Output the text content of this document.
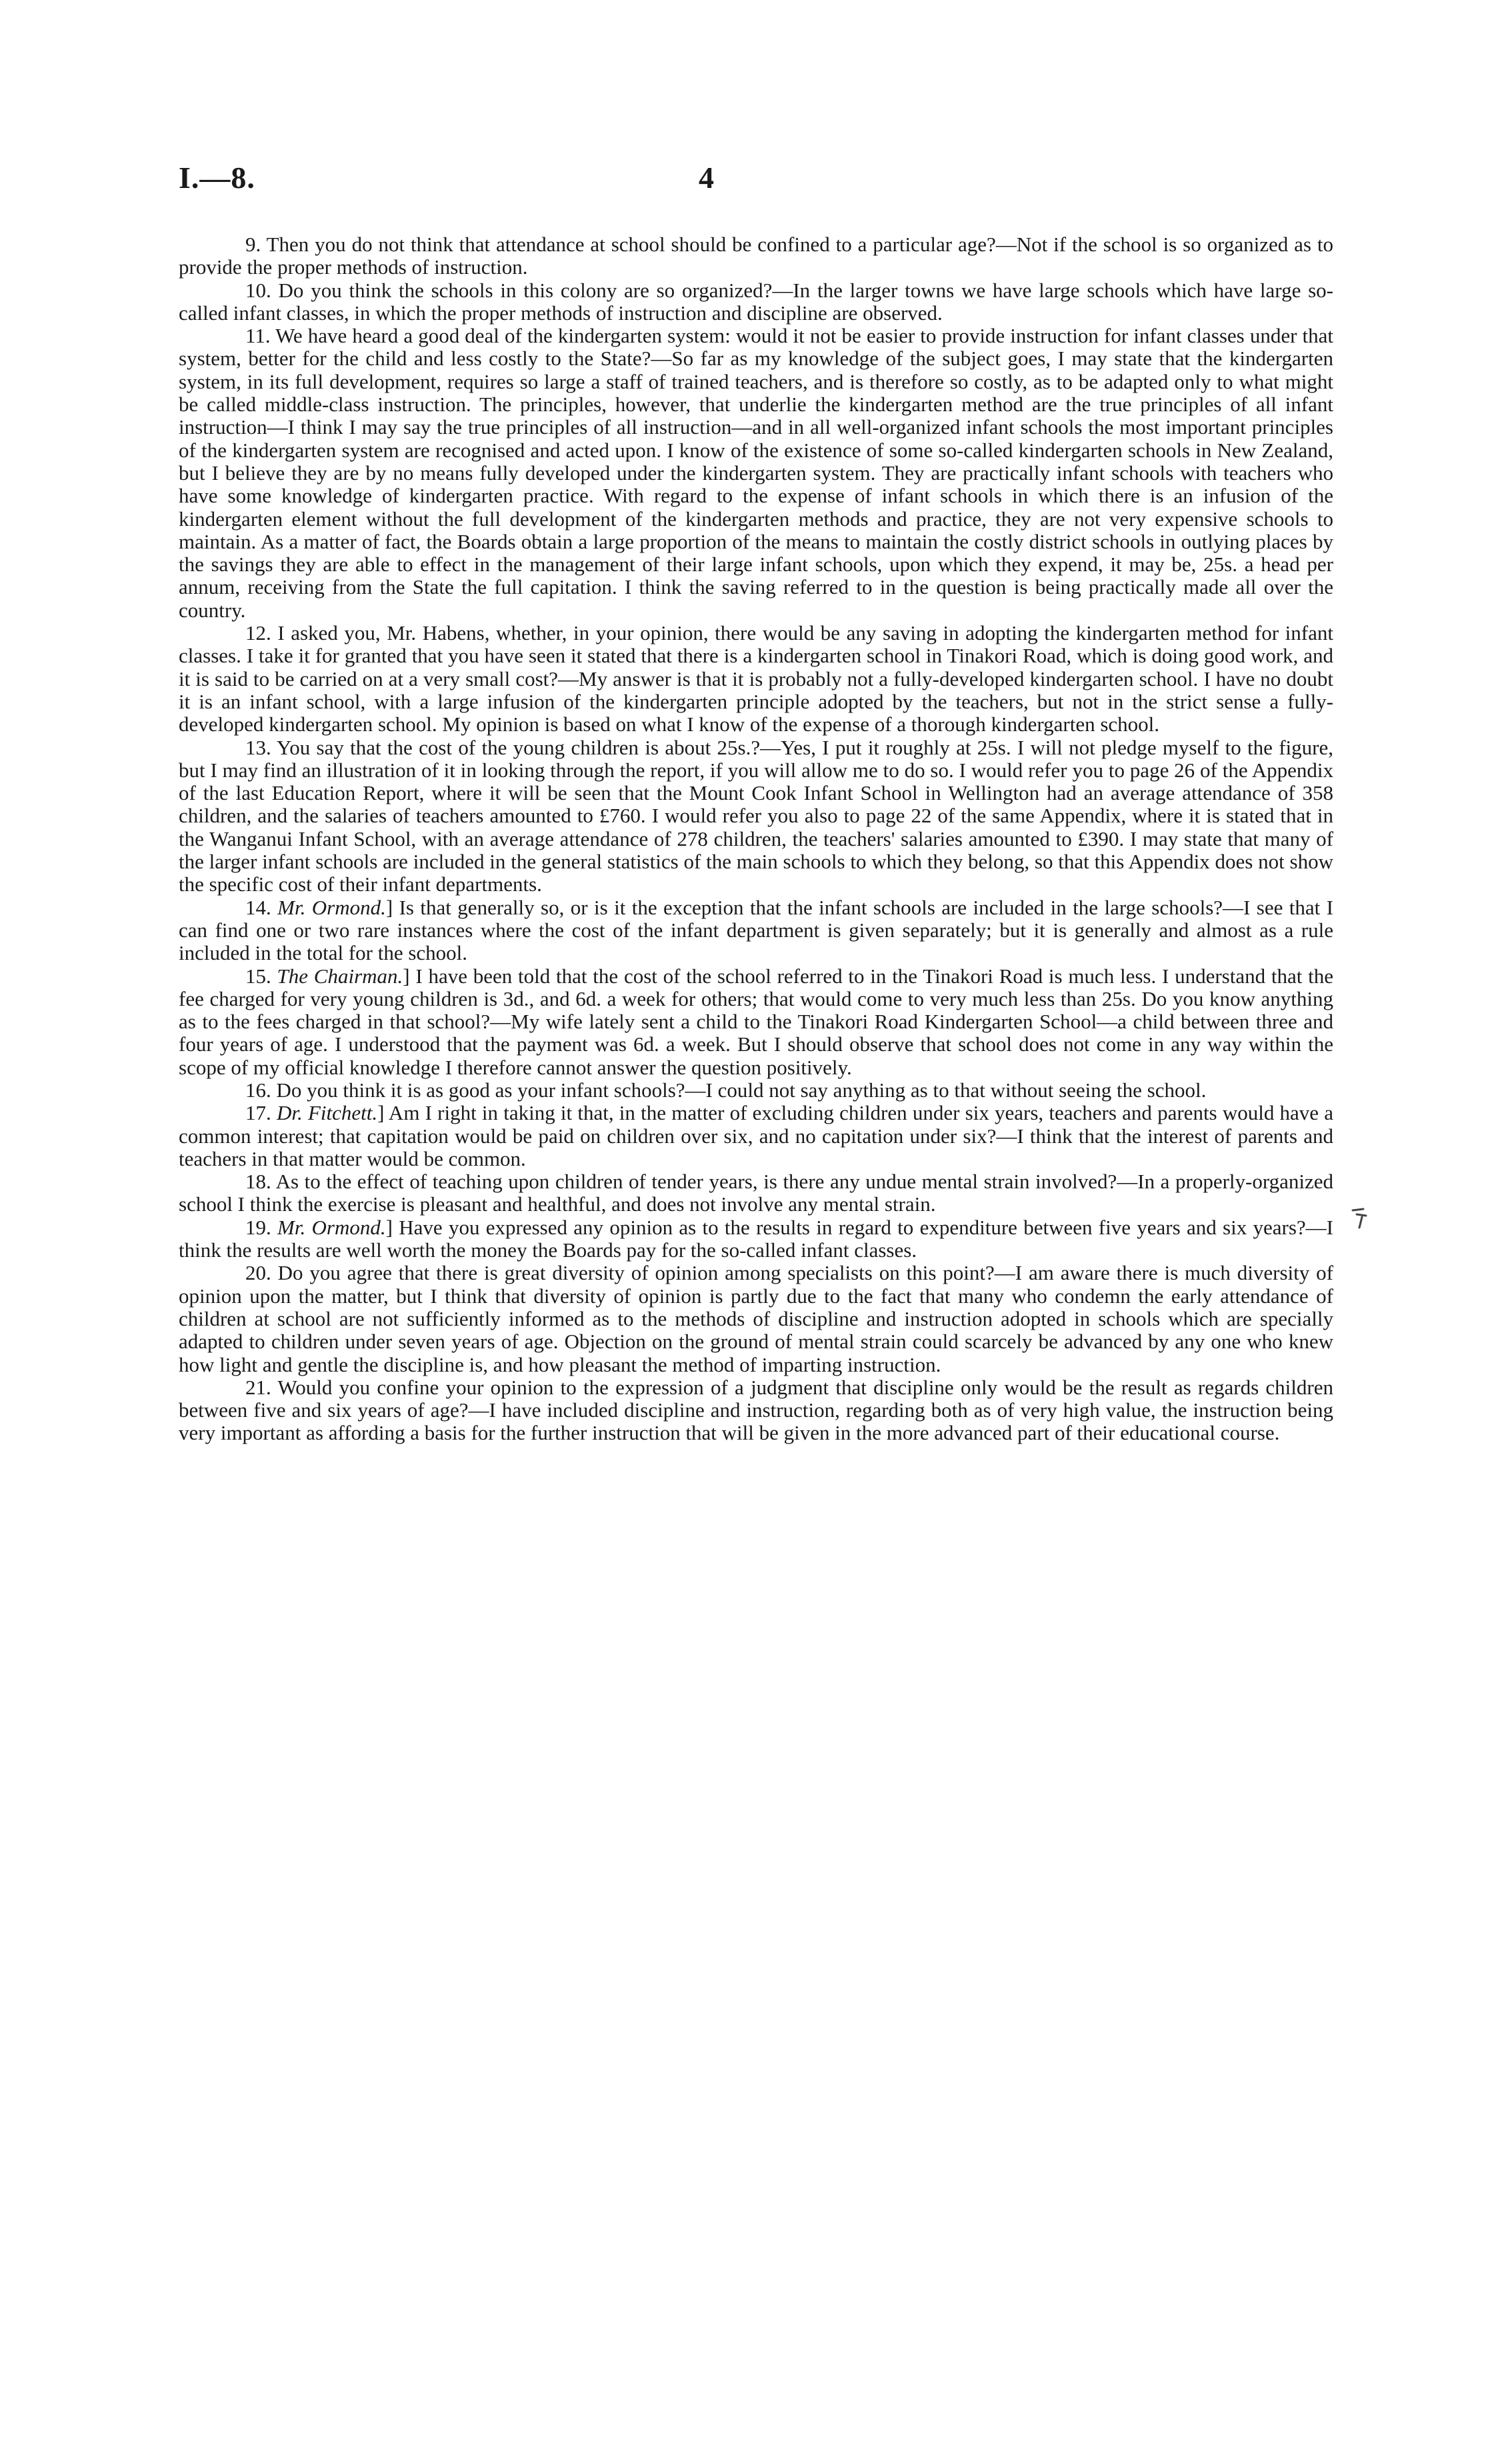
I.—8.	4

9. Then you do not think that attendance at school should be confined to a particular age?—Not if the school is so organized as to provide the proper methods of instruction.

10. Do you think the schools in this colony are so organized?—In the larger towns we have large schools which have large so-called infant classes, in which the proper methods of instruction and discipline are observed.

11. We have heard a good deal of the kindergarten system: would it not be easier to provide instruction for infant classes under that system, better for the child and less costly to the State?—So far as my knowledge of the subject goes, I may state that the kindergarten system, in its full development, requires so large a staff of trained teachers, and is therefore so costly, as to be adapted only to what might be called middle-class instruction. The principles, however, that underlie the kindergarten method are the true principles of all infant instruction—I think I may say the true principles of all instruction—and in all well-organized infant schools the most important principles of the kindergarten system are recognised and acted upon. I know of the existence of some so-called kindergarten schools in New Zealand, but I believe they are by no means fully developed under the kindergarten system. They are practically infant schools with teachers who have some knowledge of kindergarten practice. With regard to the expense of infant schools in which there is an infusion of the kindergarten element without the full development of the kindergarten methods and practice, they are not very expensive schools to maintain. As a matter of fact, the Boards obtain a large proportion of the means to maintain the costly district schools in outlying places by the savings they are able to effect in the management of their large infant schools, upon which they expend, it may be, 25s. a head per annum, receiving from the State the full capitation. I think the saving referred to in the question is being practically made all over the country.

12. I asked you, Mr. Habens, whether, in your opinion, there would be any saving in adopting the kindergarten method for infant classes. I take it for granted that you have seen it stated that there is a kindergarten school in Tinakori Road, which is doing good work, and it is said to be carried on at a very small cost?—My answer is that it is probably not a fully-developed kindergarten school. I have no doubt it is an infant school, with a large infusion of the kindergarten principle adopted by the teachers, but not in the strict sense a fully-developed kindergarten school. My opinion is based on what I know of the expense of a thorough kindergarten school.

13. You say that the cost of the young children is about 25s.?—Yes, I put it roughly at 25s. I will not pledge myself to the figure, but I may find an illustration of it in looking through the report, if you will allow me to do so. I would refer you to page 26 of the Appendix of the last Education Report, where it will be seen that the Mount Cook Infant School in Wellington had an average attendance of 358 children, and the salaries of teachers amounted to £760. I would refer you also to page 22 of the same Appendix, where it is stated that in the Wanganui Infant School, with an average attendance of 278 children, the teachers' salaries amounted to £390. I may state that many of the larger infant schools are included in the general statistics of the main schools to which they belong, so that this Appendix does not show the specific cost of their infant departments.

14. Mr. Ormond.] Is that generally so, or is it the exception that the infant schools are included in the large schools?—I see that I can find one or two rare instances where the cost of the infant department is given separately; but it is generally and almost as a rule included in the total for the school.

15. The Chairman.] I have been told that the cost of the school referred to in the Tinakori Road is much less. I understand that the fee charged for very young children is 3d., and 6d. a week for others; that would come to very much less than 25s. Do you know anything as to the fees charged in that school?—My wife lately sent a child to the Tinakori Road Kindergarten School—a child between three and four years of age. I understood that the payment was 6d. a week. But I should observe that school does not come in any way within the scope of my official knowledge I therefore cannot answer the question positively.

16. Do you think it is as good as your infant schools?—I could not say anything as to that without seeing the school.

17. Dr. Fitchett.] Am I right in taking it that, in the matter of excluding children under six years, teachers and parents would have a common interest; that capitation would be paid on children over six, and no capitation under six?—I think that the interest of parents and teachers in that matter would be common.

18. As to the effect of teaching upon children of tender years, is there any undue mental strain involved?—In a properly-organized school I think the exercise is pleasant and healthful, and does not involve any mental strain.

19. Mr. Ormond.] Have you expressed any opinion as to the results in regard to expenditure between five years and six years?—I think the results are well worth the money the Boards pay for the so-called infant classes.

20. Do you agree that there is great diversity of opinion among specialists on this point?—I am aware there is much diversity of opinion upon the matter, but I think that diversity of opinion is partly due to the fact that many who condemn the early attendance of children at school are not sufficiently informed as to the methods of discipline and instruction adopted in schools which are specially adapted to children under seven years of age. Objection on the ground of mental strain could scarcely be advanced by any one who knew how light and gentle the discipline is, and how pleasant the method of imparting instruction.

21. Would you confine your opinion to the expression of a judgment that discipline only would be the result as regards children between five and six years of age?—I have included discipline and instruction, regarding both as of very high value, the instruction being very important as affording a basis for the further instruction that will be given in the more advanced part of their educational course.
